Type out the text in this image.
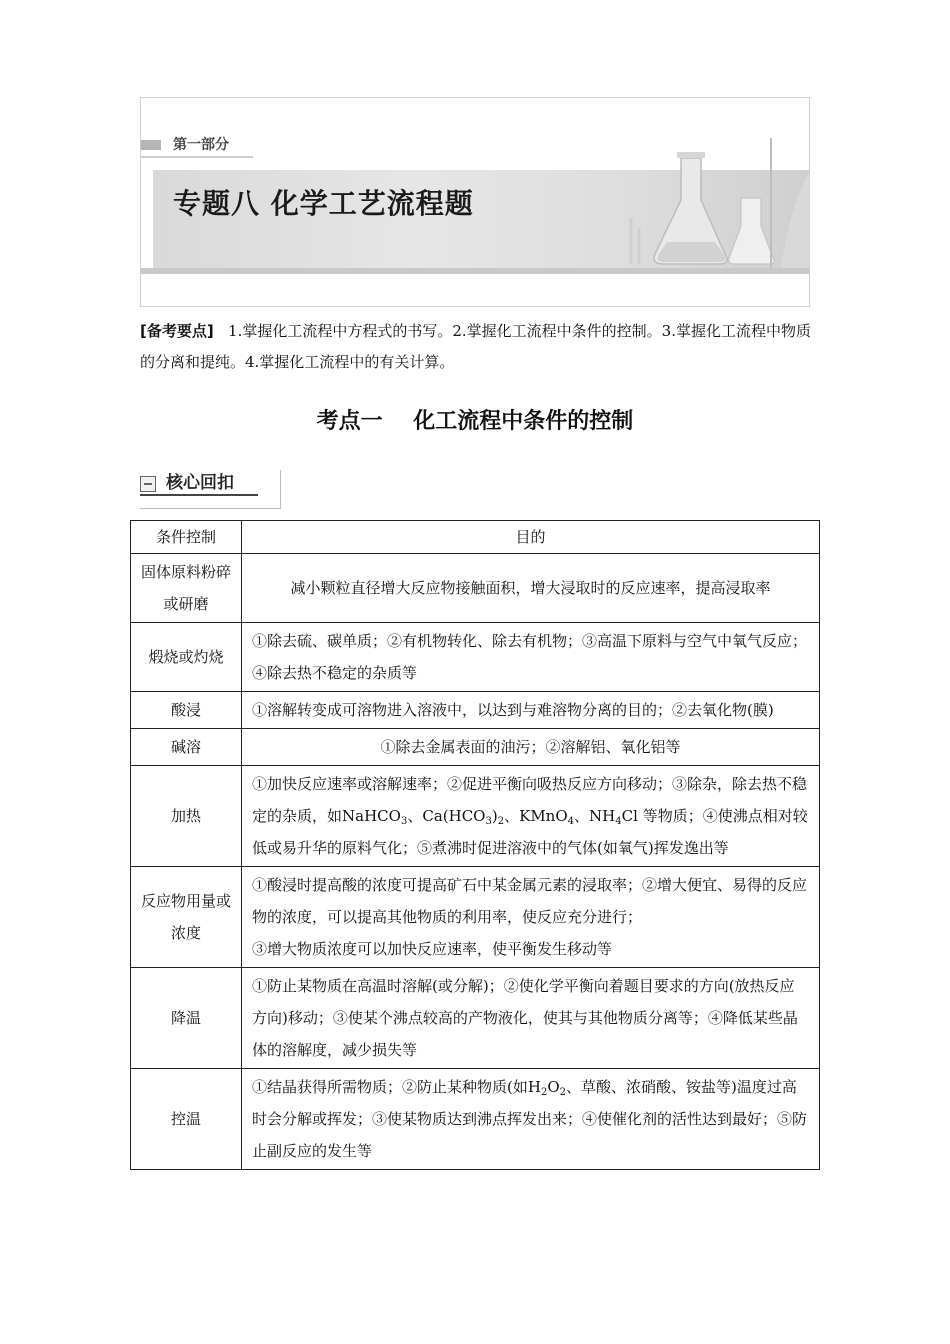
第一部分
专题八 化学工艺流程题
[备考要点] 1.掌握化工流程中方程式的书写。2.掌握化工流程中条件的控制。3.掌握化工流程中物质的分离和提纯。4.掌握化工流程中的有关计算。
考点一    化工流程中条件的控制
核心回扣
条件控制	目的
固体原料粉碎或研磨	减小颗粒直径增大反应物接触面积，增大浸取时的反应速率，提高浸取率
煅烧或灼烧	①除去硫、碳单质；②有机物转化、除去有机物；③高温下原料与空气中氧气反应；④除去热不稳定的杂质等
酸浸	①溶解转变成可溶物进入溶液中，以达到与难溶物分离的目的；②去氧化物(膜)
碱溶	①除去金属表面的油污；②溶解铝、氧化铝等
加热	①加快反应速率或溶解速率；②促进平衡向吸热反应方向移动；③除杂，除去热不稳定的杂质，如NaHCO$_3$、$Ca(HCO_3)_2$、KMnO$_4$、$NH_4Cl$ 等物质；④使沸点相对较低或易升华的原料气化；⑤煮沸时促进溶液中的气体(如氧气)挥发逸出等
反应物用量或浓度	①酸浸时提高酸的浓度可提高矿石中某金属元素的浸取率；②增大便宜、易得的反应物的浓度，可以提高其他物质的利用率，使反应充分进行；
③增大物质浓度可以加快反应速率，使平衡发生移动等
降温	①防止某物质在高温时溶解(或分解)；②使化学平衡向着题目要求的方向(放热反应方向)移动；③使某个沸点较高的产物液化，使其与其他物质分离等；④降低某些晶体的溶解度，减少损失等
控温	①结晶获得所需物质；②防止某种物质(如$H_2O_2$、草酸、浓硝酸、铵盐等)温度过高时会分解或挥发；③使某物质达到沸点挥发出来；④使催化剂的活性达到最好；⑤防止副反应的发生等
